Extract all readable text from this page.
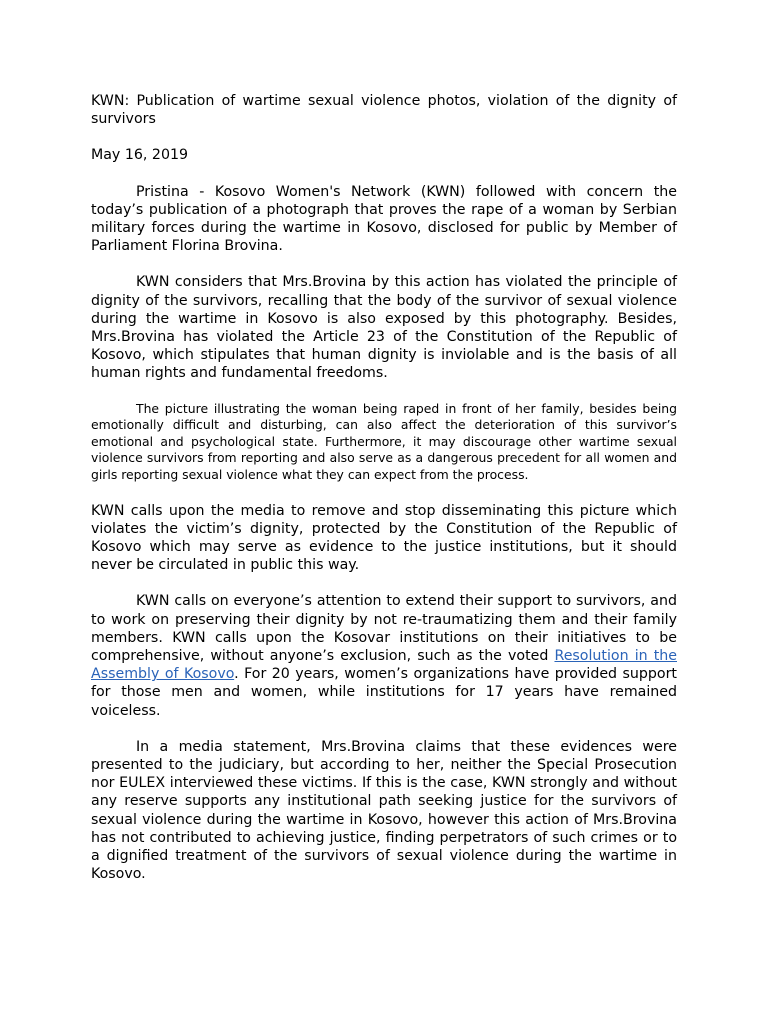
KWN: Publication of wartime sexual violence photos, violation of the dignity of survivors

May 16, 2019

Pristina - Kosovo Women's Network (KWN) followed with concern the today’s publication of a photograph that proves the rape of a woman by Serbian military forces during the wartime in Kosovo, disclosed for public by Member of Parliament Florina Brovina.

KWN considers that Mrs.Brovina by this action has violated the principle of dignity of the survivors, recalling that the body of the survivor of sexual violence during the wartime in Kosovo is also exposed by this photography. Besides, Mrs.Brovina has violated the Article 23 of the Constitution of the Republic of Kosovo, which stipulates that human dignity is inviolable and is the basis of all human rights and fundamental freedoms.

The picture illustrating the woman being raped in front of her family, besides being emotionally difficult and disturbing, can also affect the deterioration of this survivor’s emotional and psychological state. Furthermore, it may discourage other wartime sexual violence survivors from reporting and also serve as a dangerous precedent for all women and girls reporting sexual violence what they can expect from the process.

KWN calls upon the media to remove and stop disseminating this picture which violates the victim’s dignity, protected by the Constitution of the Republic of Kosovo which may serve as evidence to the justice institutions, but it should never be circulated in public this way.

KWN calls on everyone’s attention to extend their support to survivors, and to work on preserving their dignity by not re-traumatizing them and their family members. KWN calls upon the Kosovar institutions on their initiatives to be comprehensive, without anyone’s exclusion, such as the voted Resolution in the Assembly of Kosovo. For 20 years, women’s organizations have provided support for those men and women, while institutions for 17 years have remained voiceless.

In a media statement, Mrs.Brovina claims that these evidences were presented to the judiciary, but according to her, neither the Special Prosecution nor EULEX interviewed these victims. If this is the case, KWN strongly and without any reserve supports any institutional path seeking justice for the survivors of sexual violence during the wartime in Kosovo, however this action of Mrs.Brovina has not contributed to achieving justice, finding perpetrators of such crimes or to a dignified treatment of the survivors of sexual violence during the wartime in Kosovo.
